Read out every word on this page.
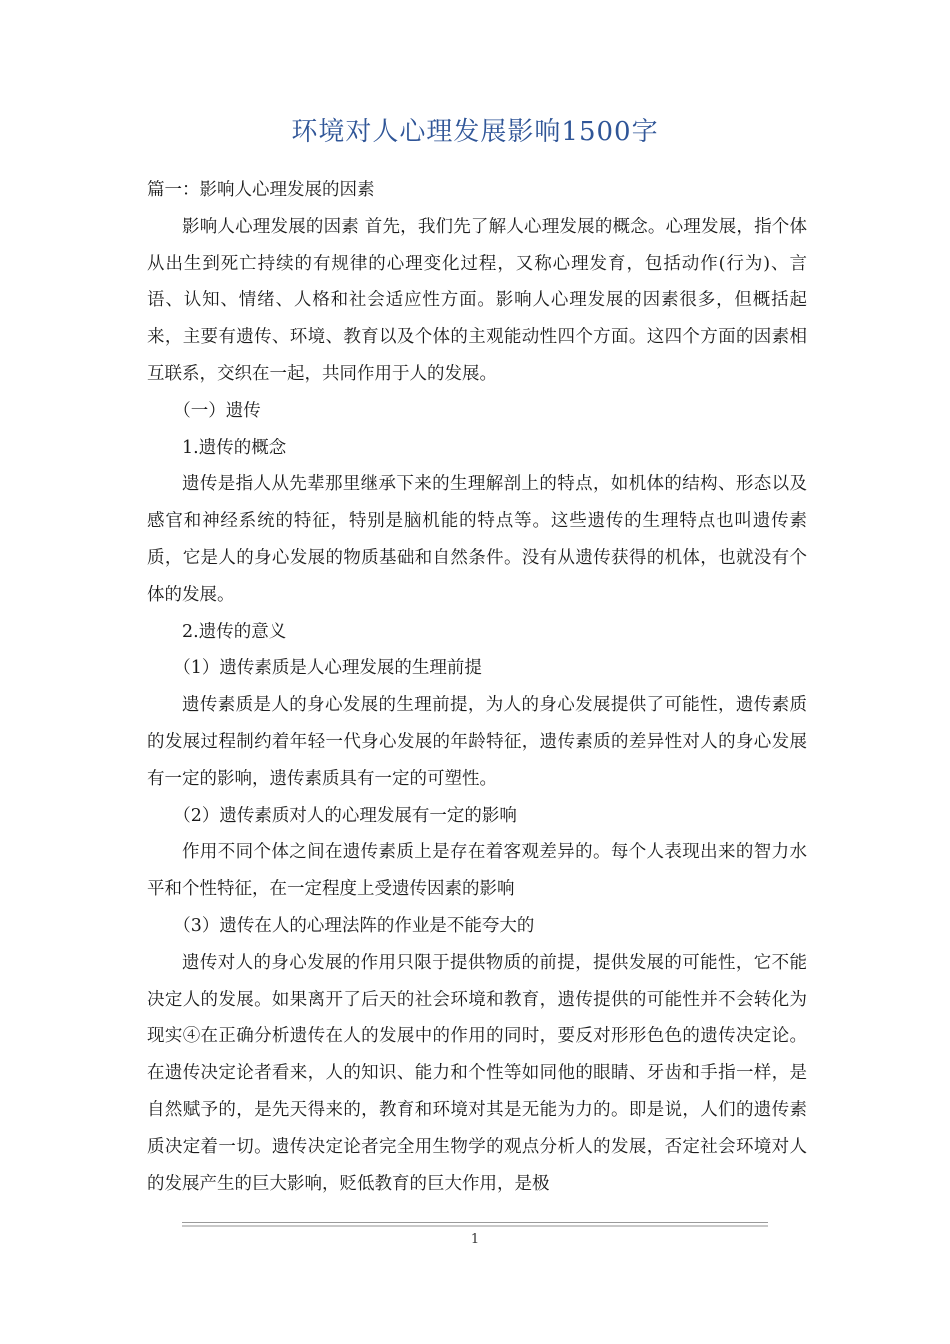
环境对人心理发展影响1500字

篇一：影响人心理发展的因素

影响人心理发展的因素 首先，我们先了解人心理发展的概念。心理发展，指个体从出生到死亡持续的有规律的心理变化过程，又称心理发育，包括动作(行为)、言语、认知、情绪、人格和社会适应性方面。影响人心理发展的因素很多，但概括起来，主要有遗传、环境、教育以及个体的主观能动性四个方面。这四个方面的因素相互联系，交织在一起，共同作用于人的发展。

（一）遗传

1.遗传的概念

遗传是指人从先辈那里继承下来的生理解剖上的特点，如机体的结构、形态以及感官和神经系统的特征，特别是脑机能的特点等。这些遗传的生理特点也叫遗传素质，它是人的身心发展的物质基础和自然条件。没有从遗传获得的机体，也就没有个体的发展。

2.遗传的意义

（1）遗传素质是人心理发展的生理前提

遗传素质是人的身心发展的生理前提，为人的身心发展提供了可能性，遗传素质的发展过程制约着年轻一代身心发展的年龄特征，遗传素质的差异性对人的身心发展有一定的影响，遗传素质具有一定的可塑性。

（2）遗传素质对人的心理发展有一定的影响

作用不同个体之间在遗传素质上是存在着客观差异的。每个人表现出来的智力水平和个性特征，在一定程度上受遗传因素的影响

（3）遗传在人的心理法阵的作业是不能夸大的

遗传对人的身心发展的作用只限于提供物质的前提，提供发展的可能性，它不能决定人的发展。如果离开了后天的社会环境和教育，遗传提供的可能性并不会转化为现实④在正确分析遗传在人的发展中的作用的同时，要反对形形色色的遗传决定论。在遗传决定论者看来，人的知识、能力和个性等如同他的眼睛、牙齿和手指一样，是自然赋予的，是先天得来的，教育和环境对其是无能为力的。即是说，人们的遗传素质决定着一切。遗传决定论者完全用生物学的观点分析人的发展，否定社会环境对人的发展产生的巨大影响，贬低教育的巨大作用，是极

1
